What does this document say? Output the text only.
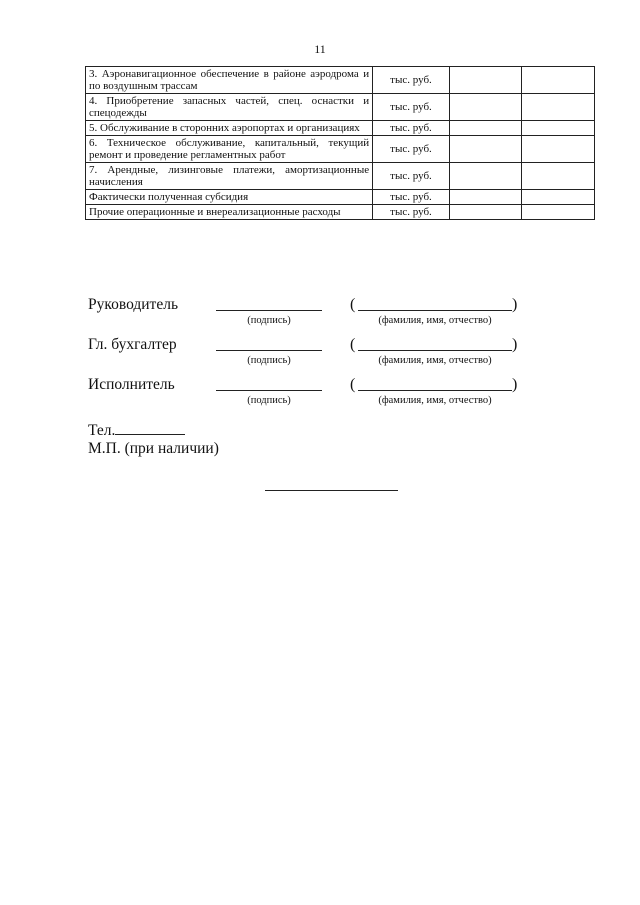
11
3. Аэронавигационное обеспечение в районе аэродрома и по воздушным трассам	тыс. руб.		
4. Приобретение запасных частей, спец. оснастки и спецодежды	тыс. руб.		
5. Обслуживание в сторонних аэропортах и организациях	тыс. руб.		
6. Техническое обслуживание, капитальный, текущий ремонт и проведение регламентных работ	тыс. руб.		
7. Арендные, лизинговые платежи, амортизационные начисления	тыс. руб.		
Фактически полученная субсидия	тыс. руб.		
Прочие операционные и внереализационные расходы	тыс. руб.		
Руководитель
(подпись)
(	)
(фамилия, имя, отчество)
Гл. бухгалтер
(подпись)
(	)
(фамилия, имя, отчество)
Исполнитель
(подпись)
(	)
(фамилия, имя, отчество)
Тел.
М.П. (при наличии)
